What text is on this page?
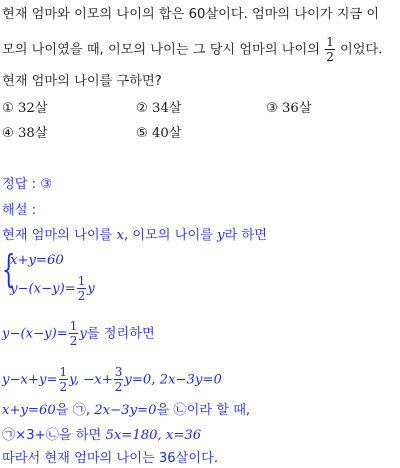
현재 엄마와 이모의 나이의 합은 60살이다. 엄마의 나이가 지금 이
모의 나이였을 때, 이모의 나이는 그 당시 엄마의 나이의 $\frac{1}{2}$ 이었다.
현재 엄마의 나이를 구하면?
① 32살	② 34살	③ 36살
④ 38살	⑤ 40살
정답 : ③
해설 :
현재 엄마의 나이를 x, 이모의 나이를 y라 하면
{
x+y=60
$y-(x-y)= \frac{1}{2}$ y
$y-(x-y)= \frac{1}{2}$ y를 정리하면
$y-x+y= \frac{1}{2} y$, $-x+ \frac{3}{2} y=0$, 2x−3y=0
x+y=60을 ㉠, 2x−3y=0을 ㉡이라 할 때,
㉠×3+㉡을 하면 5x=180, x=36
따라서 현재 엄마의 나이는 36살이다.
